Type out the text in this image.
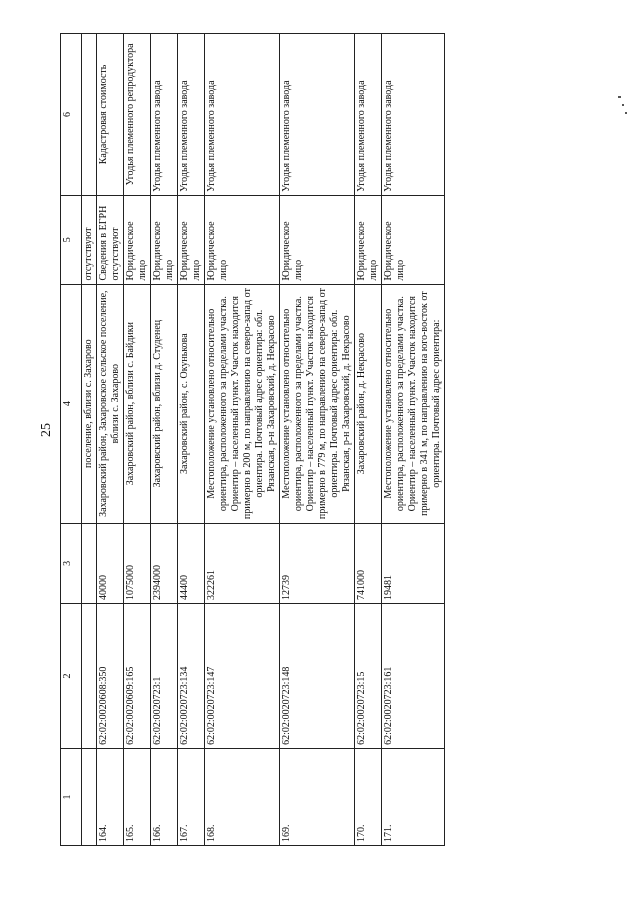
25
1	2	3	4	5	6
			поселение, вблизи с. Захарово	отсутствуют	
164.	62:02:0020608:350	40000	Захаровский район, Захаровское сельское поселение, вблизи с. Захарово	Сведения в ЕГРН отсутствуют	Кадастровая стоимость
165.	62:02:0020609:165	1075000	Захаровский район, вблизи с. Байдики	Юридическое лицо	Угодья племенного репродуктора
166.	62:02:0020723:1	2394000	Захаровский район, вблизи д. Студенец	Юридическое лицо	Угодья племенного завода
167.	62:02:0020723:134	44400	Захаровский район, с. Окунькова	Юридическое лицо	Угодья племенного завода
168.	62:02:0020723:147	322261	Местоположение установлено относительно ориентира, расположенного за пределами участка. Ориентир – населенный пункт. Участок находится примерно в 200 м, по направлению на северо-запад от ориентира. Почтовый адрес ориентира: обл. Рязанская, р-н Захаровский, д. Некрасово	Юридическое лицо	Угодья племенного завода
169.	62:02:0020723:148	12739	Местоположение установлено относительно ориентира, расположенного за пределами участка. Ориентир – населенный пункт. Участок находится примерно в 779 м, по направлению на северо-запад от ориентира. Почтовый адрес ориентира: обл. Рязанская, р-н Захаровский, д. Некрасово	Юридическое лицо	Угодья племенного завода
170.	62:02:0020723:15	741000	Захаровский район, д. Некрасово	Юридическое лицо	Угодья племенного завода
171.	62:02:0020723:161	19481	Местоположение установлено относительно ориентира, расположенного за пределами участка. Ориентир – населенный пункт. Участок находится примерно в 341 м, по направлению на юго-восток от ориентира. Почтовый адрес ориентира:	Юридическое лицо	Угодья племенного завода
